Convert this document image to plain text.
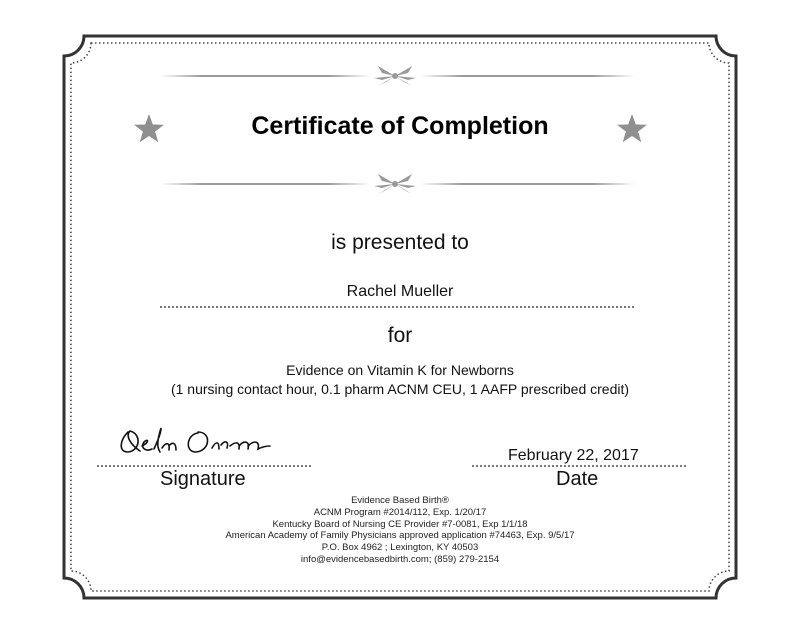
Certificate of Completion
is presented to
Rachel Mueller
for
Evidence on Vitamin K for Newborns
(1 nursing contact hour, 0.1 pharm ACNM CEU, 1 AAFP prescribed credit)
Signature
February 22, 2017
Date
Evidence Based Birth®
ACNM Program #2014/112, Exp. 1/20/17
Kentucky Board of Nursing CE Provider #7-0081, Exp 1/1/18
American Academy of Family Physicians approved application #74463, Exp. 9/5/17
P.O. Box 4962 ; Lexington, KY 40503
info@evidencebasedbirth.com; (859) 279-2154
